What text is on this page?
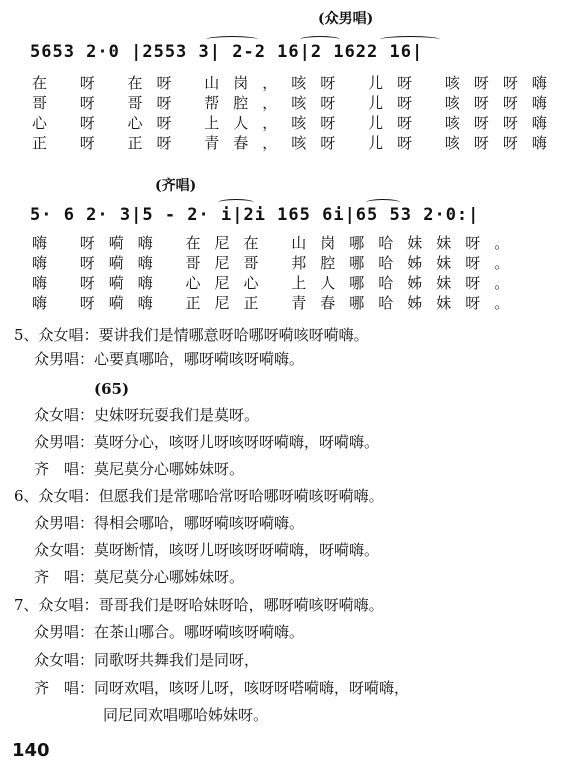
(众男唱)
5653 2·0 |2553 3| 2-2 16|2 1622 16|
在 呀 在呀 山岗，咳呀 儿呀 咳呀呀嗨
哥 呀 哥呀 帮腔，咳呀 儿呀 咳呀呀嗨
心 呀 心呀 上人，咳呀 儿呀 咳呀呀嗨
正 呀 正呀 青春，咳呀 儿呀 咳呀呀嗨
(齐唱)
5· 6 2· 3|5 - 2· i|2i 165 6i|65 53 2·0:|
嗨 呀嗬嗨 在尼在 山岗哪哈妹妹呀。
嗨 呀嗬嗨 哥尼哥 邦腔哪哈姊妹呀。
嗨 呀嗬嗨 心尼心 上人哪哈姊妹呀。
嗨 呀嗬嗨 正尼正 青春哪哈姊妹呀。
5、众女唱：要讲我们是情哪意呀哈哪呀嗬咳呀嗬嗨。
众男唱：心要真哪哈，哪呀嗬咳呀嗬嗨。
(65)
众女唱：史妹呀玩耍我们是莫呀。
众男唱：莫呀分心，咳呀儿呀咳呀呀嗬嗨，呀嗬嗨。
齐　唱：莫尼莫分心哪姊妹呀。
6、众女唱：但愿我们是常哪哈常呀哈哪呀嗬咳呀嗬嗨。
众男唱：得相会哪哈，哪呀嗬咳呀嗬嗨。
众女唱：莫呀断情，咳呀儿呀咳呀呀嗬嗨，呀嗬嗨。
齐　唱：莫尼莫分心哪姊妹呀。
7、众女唱：哥哥我们是呀哈妹呀哈，哪呀嗬咳呀嗬嗨。
众男唱：在茶山哪合。哪呀嗬咳呀嗬嗨。
众女唱：同歌呀共舞我们是同呀，
齐　唱：同呀欢唱，咳呀儿呀，咳呀呀嗒嗬嗨，呀嗬嗨，
同尼同欢唱哪哈姊妹呀。
140
